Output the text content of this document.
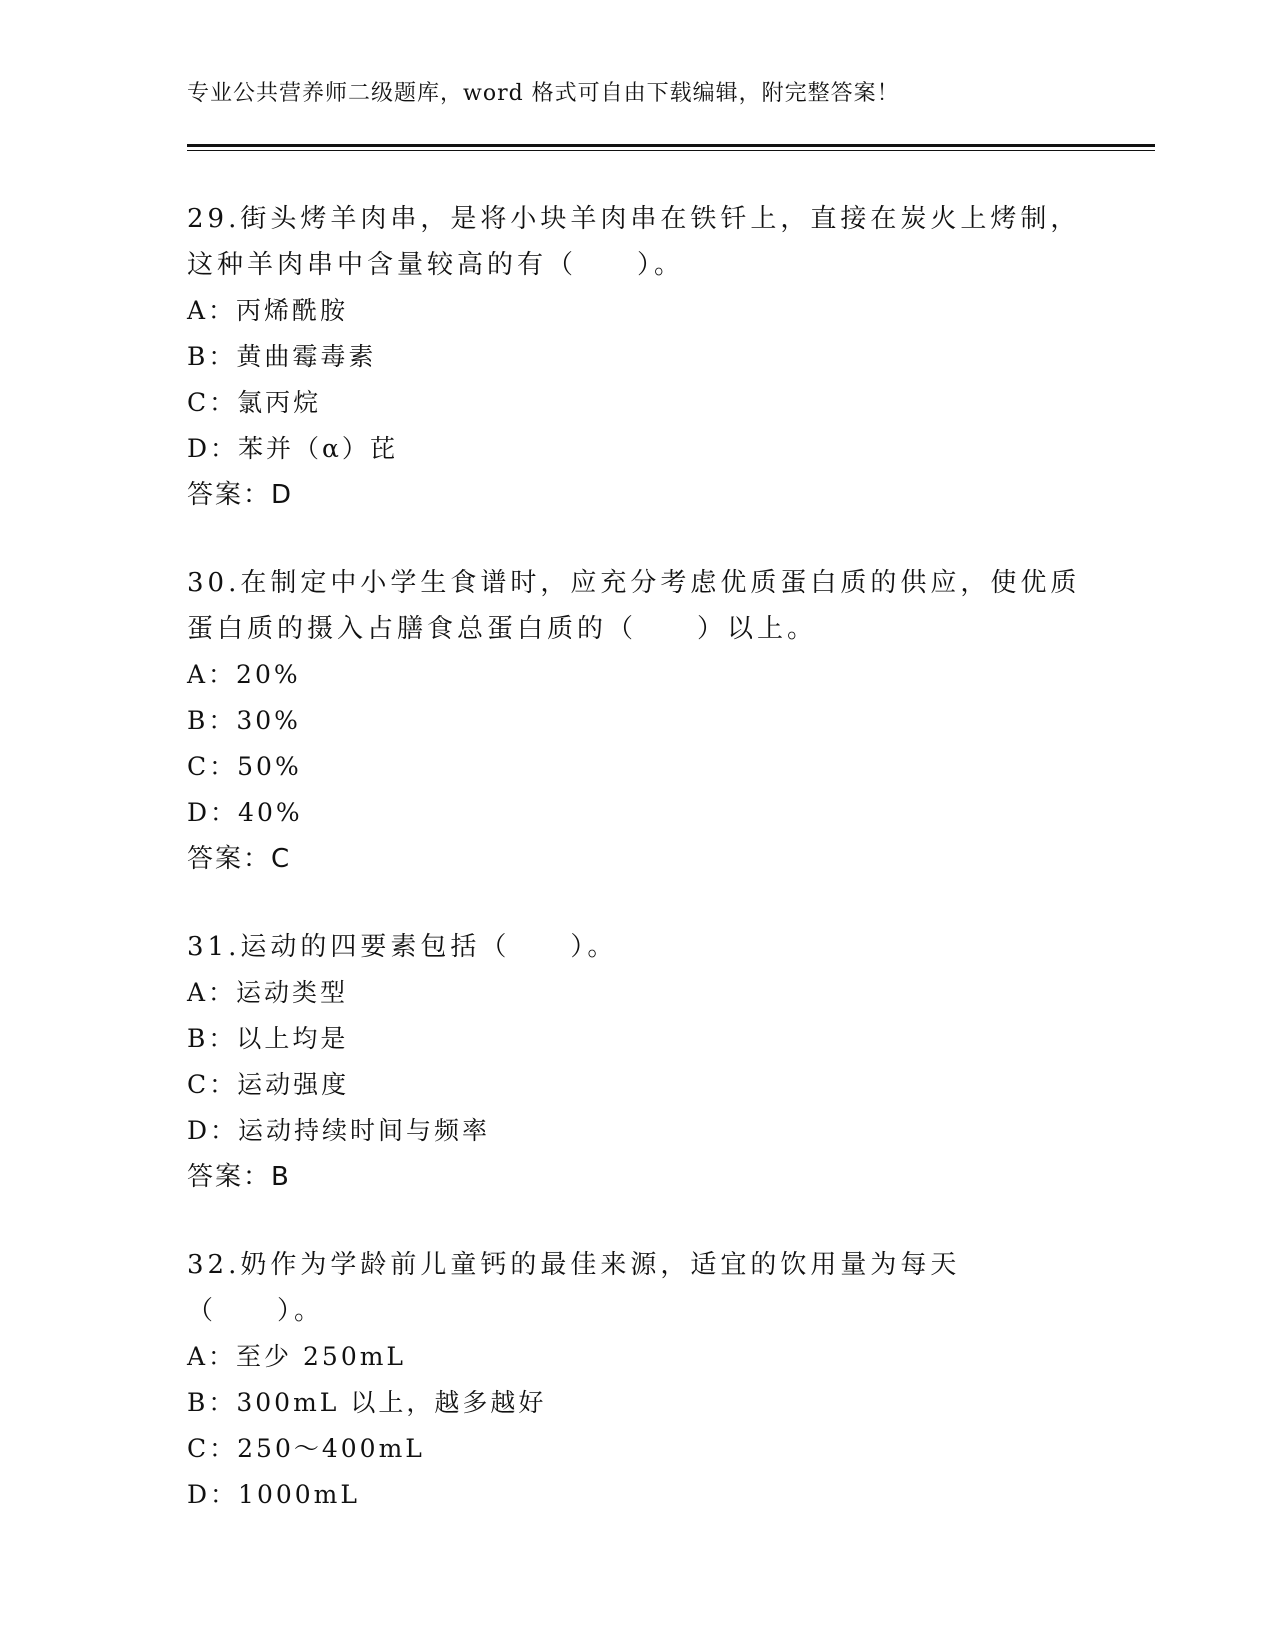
专业公共营养师二级题库，word 格式可自由下载编辑，附完整答案！

29.街头烤羊肉串，是将小块羊肉串在铁钎上，直接在炭火上烤制，这种羊肉串中含量较高的有（　　）。

A：丙烯酰胺

B：黄曲霉毒素

C：氯丙烷

D：苯并（α）芘

答案：D

30.在制定中小学生食谱时，应充分考虑优质蛋白质的供应，使优质蛋白质的摄入占膳食总蛋白质的（　　）以上。

A：20%

B：30%

C：50%

D：40%

答案：C

31.运动的四要素包括（　　）。

A：运动类型

B：以上均是

C：运动强度

D：运动持续时间与频率

答案：B

32.奶作为学龄前儿童钙的最佳来源，适宜的饮用量为每天（　　）。

A：至少 250mL

B：300mL 以上，越多越好

C：250～400mL

D：1000mL
